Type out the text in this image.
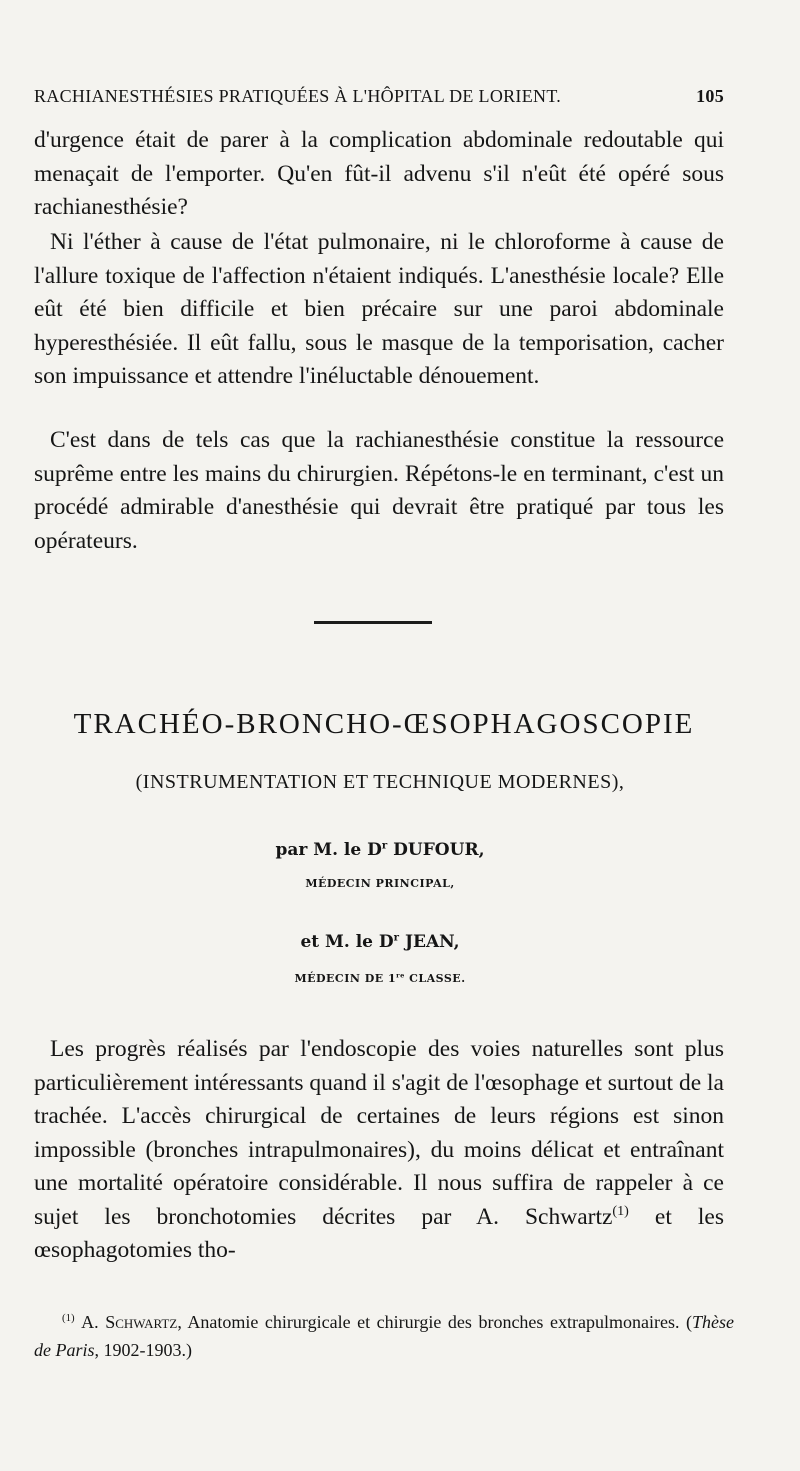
RACHIANESTHÉSIES PRATIQUÉES À L'HÔPITAL DE LORIENT.	105

d'urgence était de parer à la complication abdominale redoutable qui menaçait de l'emporter. Qu'en fût-il advenu s'il n'eût été opéré sous rachianesthésie?

Ni l'éther à cause de l'état pulmonaire, ni le chloroforme à cause de l'allure toxique de l'affection n'étaient indiqués. L'anesthésie locale? Elle eût été bien difficile et bien précaire sur une paroi abdominale hyperesthésiée. Il eût fallu, sous le masque de la temporisation, cacher son impuissance et attendre l'inéluctable dénouement.

C'est dans de tels cas que la rachianesthésie constitue la ressource suprême entre les mains du chirurgien. Répétons-le en terminant, c'est un procédé admirable d'anesthésie qui devrait être pratiqué par tous les opérateurs.

TRACHÉO-BRONCHO-ŒSOPHAGOSCOPIE
(INSTRUMENTATION ET TECHNIQUE MODERNES),
par M. le $D^r$ DUFOUR,
MÉDECIN PRINCIPAL,
et M. le $D^r$ JEAN,
MÉDECIN DE 1re CLASSE.

Les progrès réalisés par l'endoscopie des voies naturelles sont plus particulièrement intéressants quand il s'agit de l'œsophage et surtout de la trachée. L'accès chirurgical de certaines de leurs régions est sinon impossible (bronches intrapulmonaires), du moins délicat et entraînant une mortalité opératoire considérable. Il nous suffira de rappeler à ce sujet les bronchotomies décrites par A. Schwartz$^{(1)}$ et les œsophagotomies tho-

$^{(1)}$ A. Schwartz, Anatomie chirurgicale et chirurgie des bronches extrapulmonaires. (Thèse de Paris, 1902-1903.)
